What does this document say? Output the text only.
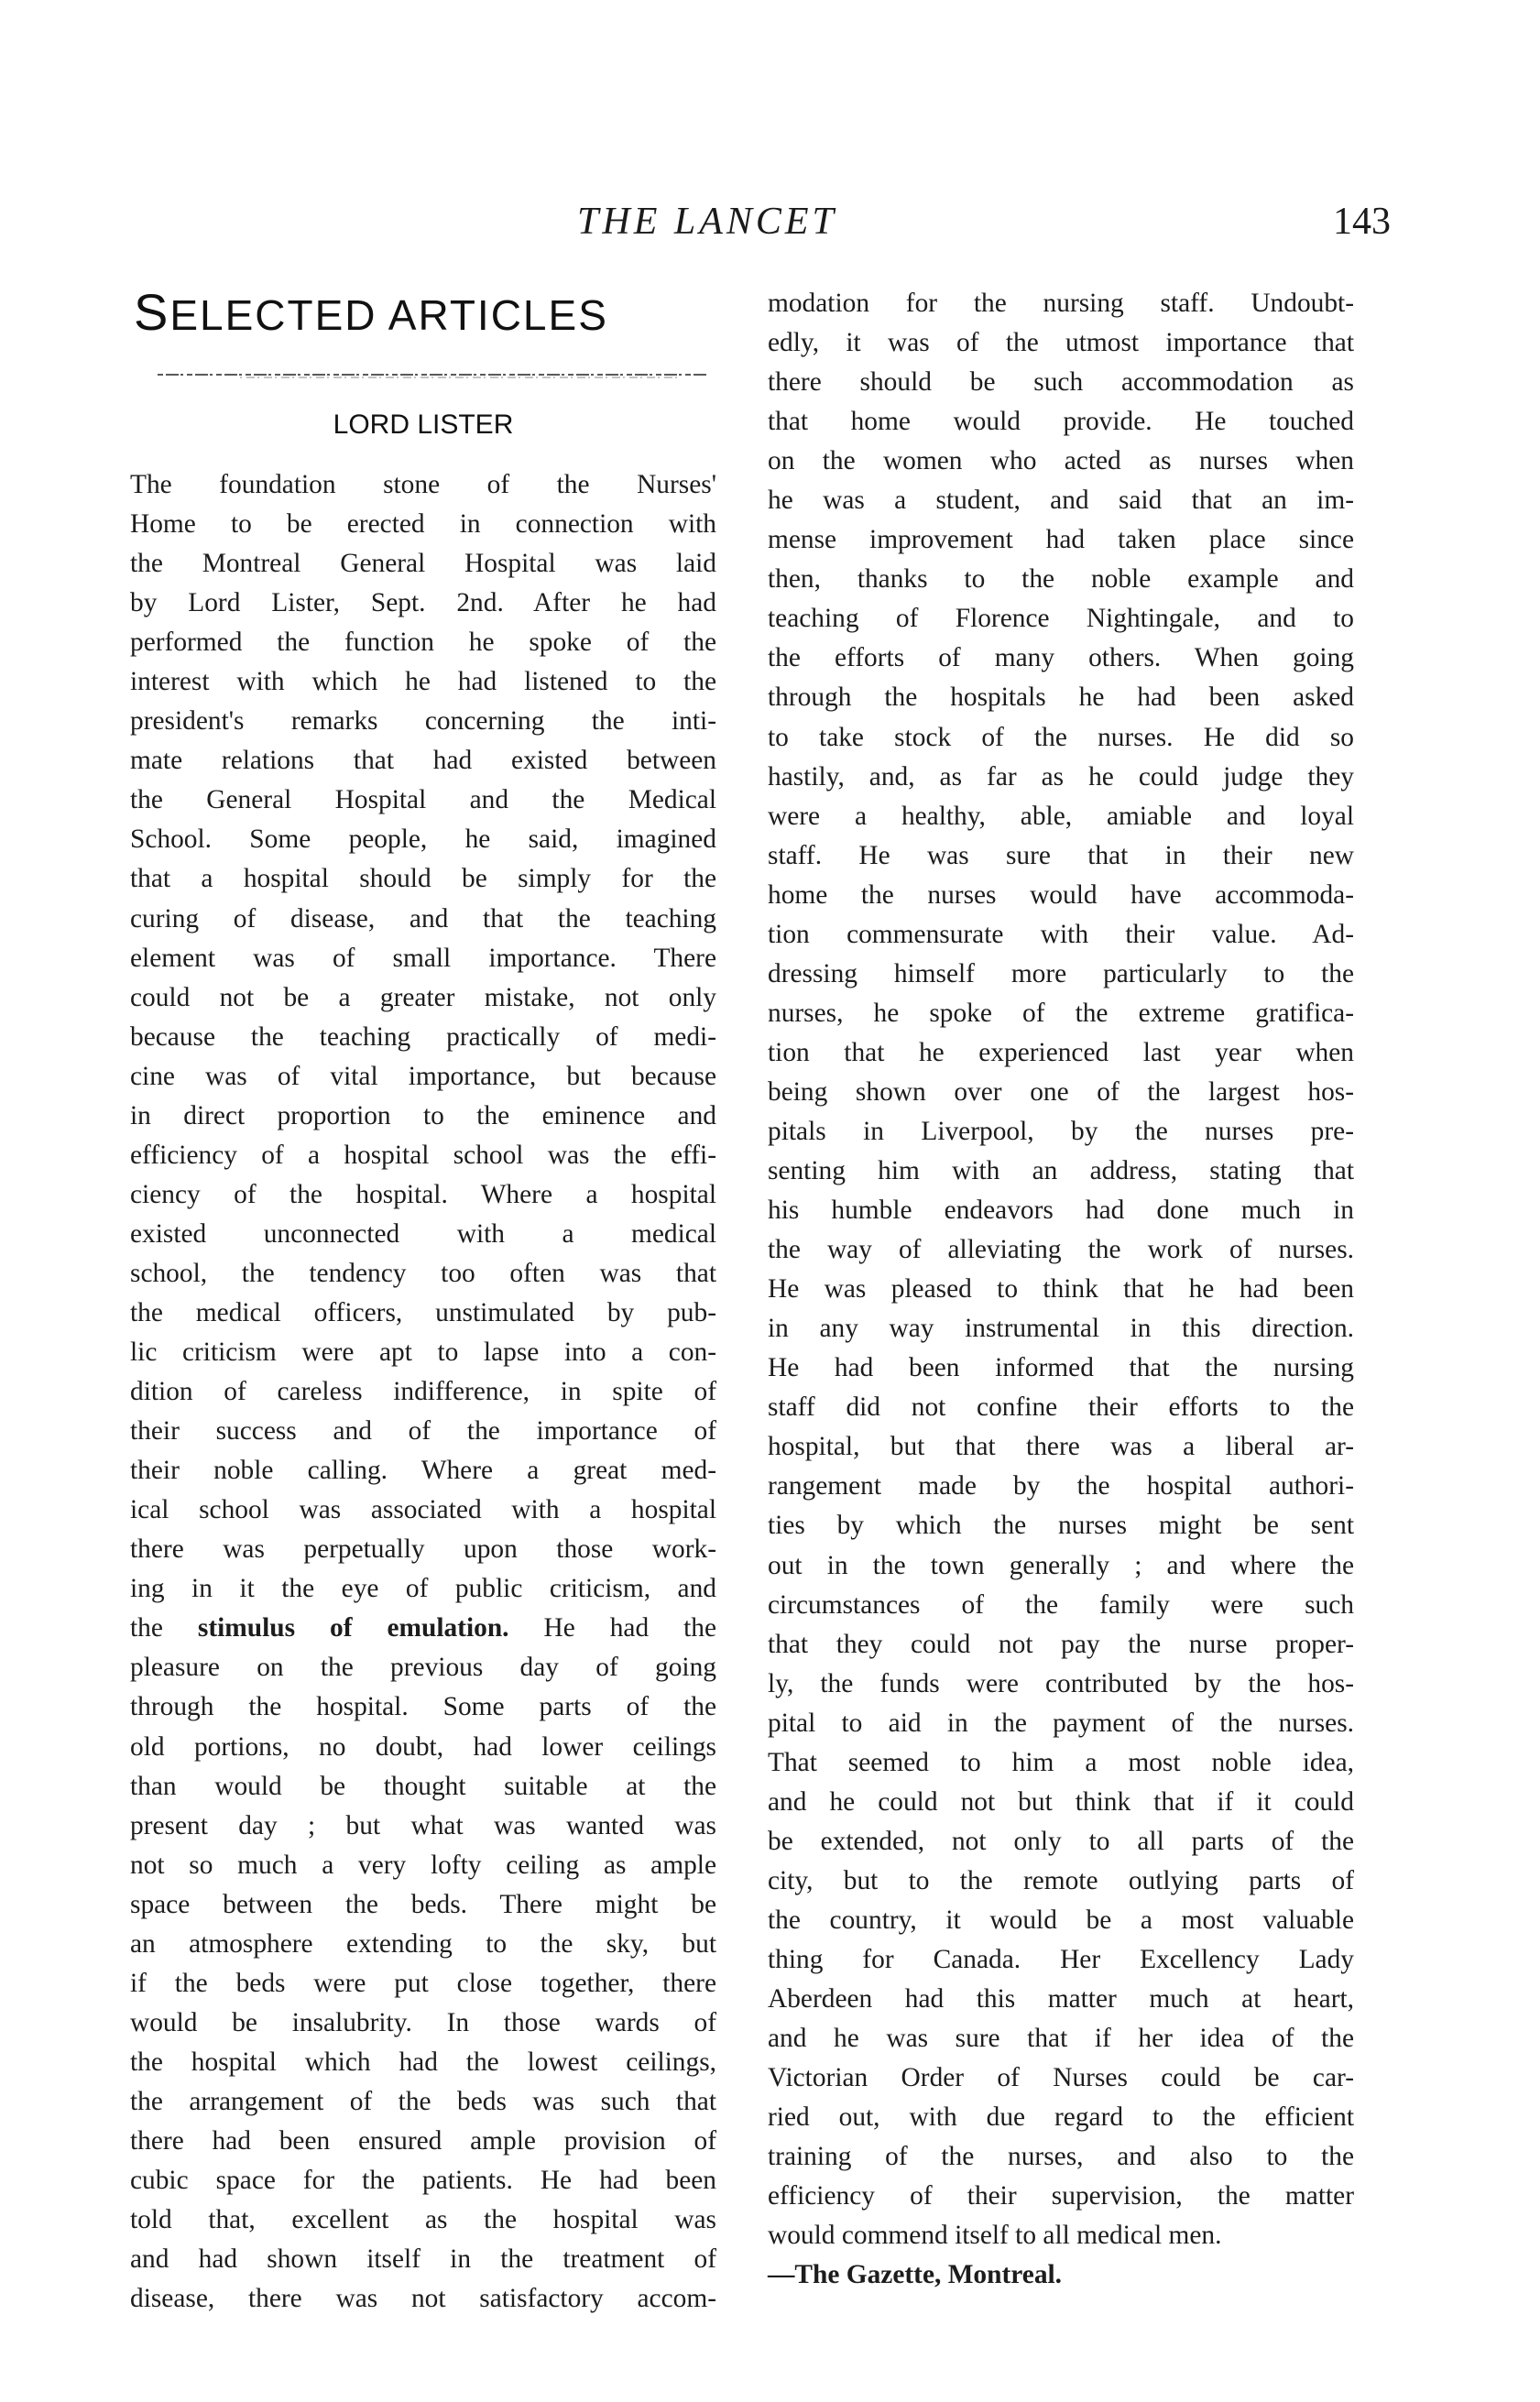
THE LANCET	143
SELECTED ARTICLES
LORD LISTER
The foundation stone of the Nurses'
Home to be erected in connection with
the Montreal General Hospital was laid
by Lord Lister, Sept. 2nd. After he had
performed the function he spoke of the
interest with which he had listened to the
president's remarks concerning the inti-
mate relations that had existed between
the General Hospital and the Medical
School. Some people, he said, imagined
that a hospital should be simply for the
curing of disease, and that the teaching
element was of small importance. There
could not be a greater mistake, not only
because the teaching practically of medi-
cine was of vital importance, but because
in direct proportion to the eminence and
efficiency of a hospital school was the effi-
ciency of the hospital. Where a hospital
existed unconnected with a medical
school, the tendency too often was that
the medical officers, unstimulated by pub-
lic criticism were apt to lapse into a con-
dition of careless indifference, in spite of
their success and of the importance of
their noble calling. Where a great med-
ical school was associated with a hospital
there was perpetually upon those work-
ing in it the eye of public criticism, and
the stimulus of emulation. He had the
pleasure on the previous day of going
through the hospital. Some parts of the
old portions, no doubt, had lower ceilings
than would be thought suitable at the
present day ; but what was wanted was
not so much a very lofty ceiling as ample
space between the beds. There might be
an atmosphere extending to the sky, but
if the beds were put close together, there
would be insalubrity. In those wards of
the hospital which had the lowest ceilings,
the arrangement of the beds was such that
there had been ensured ample provision of
cubic space for the patients. He had been
told that, excellent as the hospital was
and had shown itself in the treatment of
disease, there was not satisfactory accom-
modation for the nursing staff. Undoubt-
edly, it was of the utmost importance that
there should be such accommodation as
that home would provide. He touched
on the women who acted as nurses when
he was a student, and said that an im-
mense improvement had taken place since
then, thanks to the noble example and
teaching of Florence Nightingale, and to
the efforts of many others. When going
through the hospitals he had been asked
to take stock of the nurses. He did so
hastily, and, as far as he could judge they
were a healthy, able, amiable and loyal
staff. He was sure that in their new
home the nurses would have accommoda-
tion commensurate with their value. Ad-
dressing himself more particularly to the
nurses, he spoke of the extreme gratifica-
tion that he experienced last year when
being shown over one of the largest hos-
pitals in Liverpool, by the nurses pre-
senting him with an address, stating that
his humble endeavors had done much in
the way of alleviating the work of nurses.
He was pleased to think that he had been
in any way instrumental in this direction.
He had been informed that the nursing
staff did not confine their efforts to the
hospital, but that there was a liberal ar-
rangement made by the hospital authori-
ties by which the nurses might be sent
out in the town generally ; and where the
circumstances of the family were such
that they could not pay the nurse proper-
ly, the funds were contributed by the hos-
pital to aid in the payment of the nurses.
That seemed to him a most noble idea,
and he could not but think that if it could
be extended, not only to all parts of the
city, but to the remote outlying parts of
the country, it would be a most valuable
thing for Canada. Her Excellency Lady
Aberdeen had this matter much at heart,
and he was sure that if her idea of the
Victorian Order of Nurses could be car-
ried out, with due regard to the efficient
training of the nurses, and also to the
efficiency of their supervision, the matter
would commend itself to all medical men.
—The Gazette, Montreal.
